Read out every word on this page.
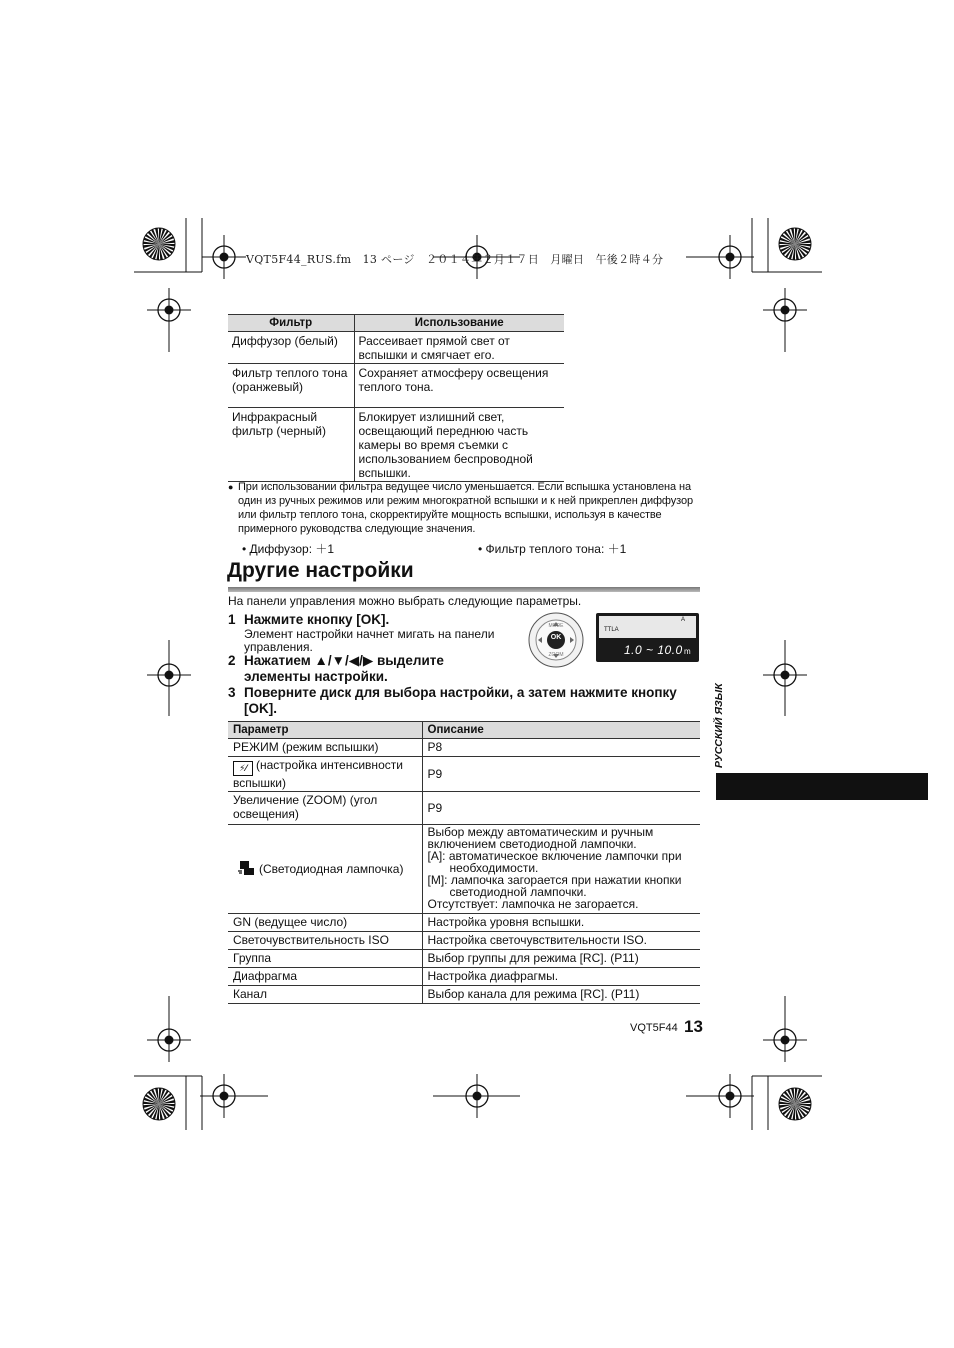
VQT5F44_RUS.fm　13 ページ　２０１４年２月１７日　月曜日　午後２時４分
Фильтр	Использование
Диффузор (белый)	Рассеивает прямой свет от вспышки и смягчает его.
Фильтр теплого тона (оранжевый)	Сохраняет атмосферу освещения теплого тона.
Инфракрасный фильтр (черный)	Блокирует излишний свет, освещающий переднюю часть камеры во время съемки с использованием беспроводной вспышки.
● При использовании фильтра ведущее число уменьшается. Если вспышка установлена на один из ручных режимов или режим многократной вспышки и к ней прикреплен диффузор или фильтр теплого тона, скорректируйте мощность вспышки, используя в качестве примерного руководства следующие значения.
• Диффузор: ＋1	• Фильтр теплого тона: ＋1
Другие настройки
На панели управления можно выбрать следующие параметры.
1 Нажмите кнопку [OK].
Элемент настройки начнет мигать на панели управления.
2 Нажатием ▲/▼/◀/▶ выделите элементы настройки.
3 Поверните диск для выбора настройки, а затем нажмите кнопку [OK].
OK
MODE
ZOOM
TTLA
A
1.0 ~ 10.0 m
Параметр	Описание
РЕЖИМ (режим вспышки)	P8
⚡⁄ (настройка интенсивности вспышки)	P9
Увеличение (ZOOM) (угол освещения)	P9
(Светодиодная лампочка)	Выбор между автоматическим и ручным включением светодиодной лампочки.
[A]: автоматическое включение лампочки при необходимости.
[M]: лампочка загорается при нажатии кнопки светодиодной лампочки.
Отсутствует: лампочка не загорается.

GN (ведущее число)	Настройка уровня вспышки.
Светочувствительность ISO	Настройка светочувствительности ISO.
Группа	Выбор группы для режима [RC]. (P11)
Диафрагма	Настройка диафрагмы.
Канал	Выбор канала для режима [RC]. (P11)
VQT5F44 13
РУССКИЙ ЯЗЫК
